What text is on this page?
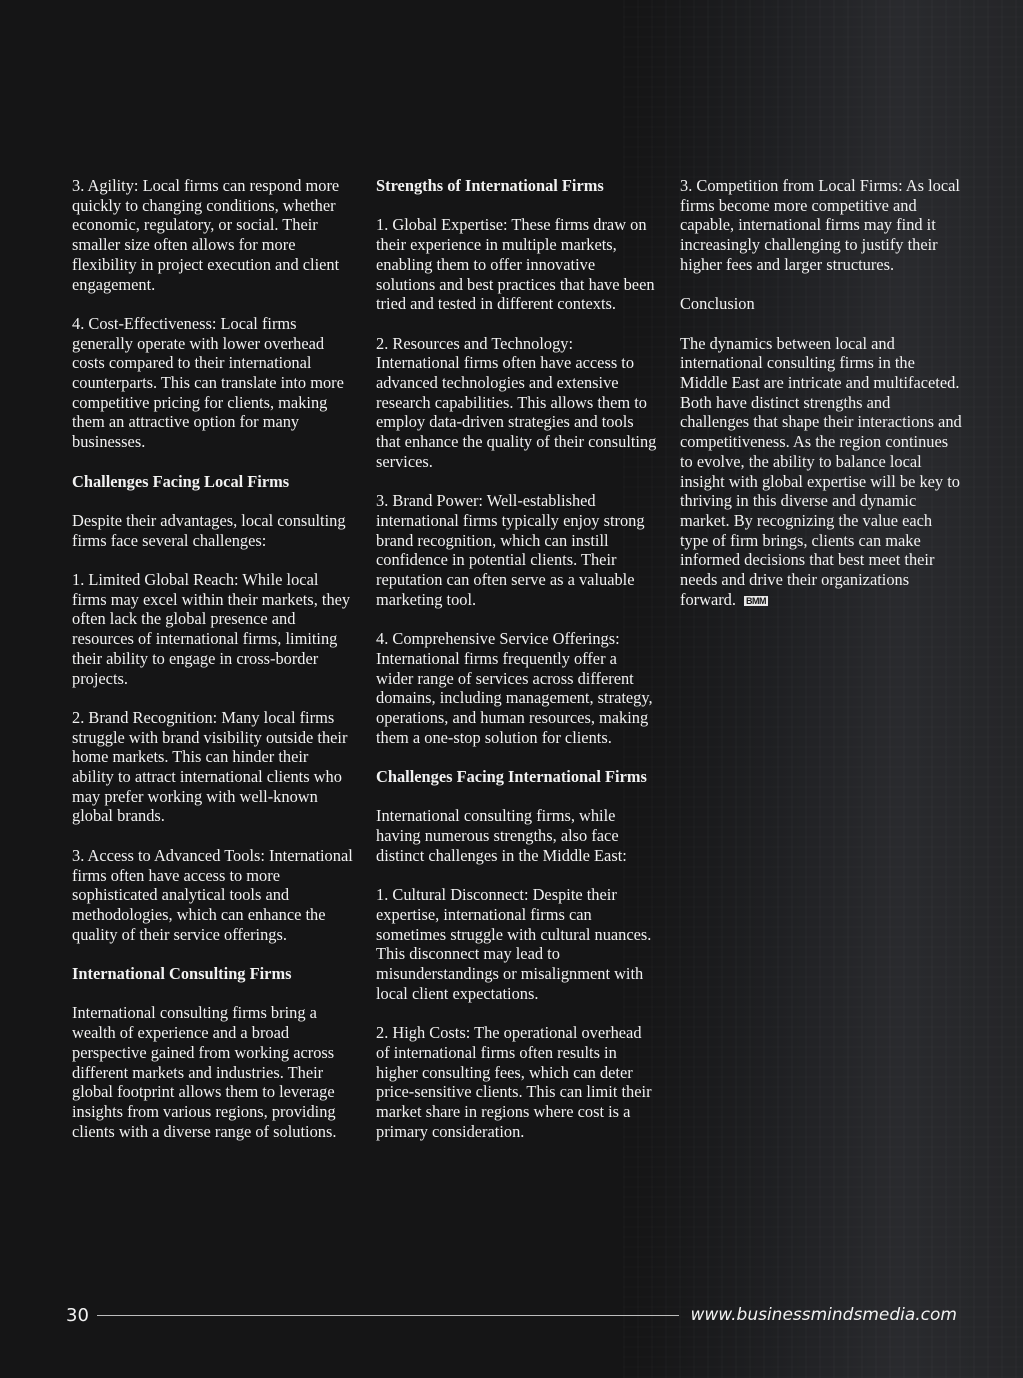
3. Agility: Local firms can respond more quickly to changing conditions, whether economic, regulatory, or social. Their smaller size often allows for more flexibility in project execution and client engagement.

4. Cost-Effectiveness: Local firms generally operate with lower overhead costs compared to their international counterparts. This can translate into more competitive pricing for clients, making them an attractive option for many businesses.

Challenges Facing Local Firms

Despite their advantages, local consulting firms face several challenges:

1. Limited Global Reach: While local firms may excel within their markets, they often lack the global presence and resources of international firms, limiting their ability to engage in cross-border projects.

2. Brand Recognition: Many local firms struggle with brand visibility outside their home markets. This can hinder their ability to attract international clients who may prefer working with well-known global brands.

3. Access to Advanced Tools: International firms often have access to more sophisticated analytical tools and methodologies, which can enhance the quality of their service offerings.

International Consulting Firms

International consulting firms bring a wealth of experience and a broad perspective gained from working across different markets and industries. Their global footprint allows them to leverage insights from various regions, providing clients with a diverse range of solutions.

Strengths of International Firms

1. Global Expertise: These firms draw on their experience in multiple markets, enabling them to offer innovative solutions and best practices that have been tried and tested in different contexts.

2. Resources and Technology: International firms often have access to advanced technologies and extensive research capabilities. This allows them to employ data-driven strategies and tools that enhance the quality of their consulting services.

3. Brand Power: Well-established international firms typically enjoy strong brand recognition, which can instill confidence in potential clients. Their reputation can often serve as a valuable marketing tool.

4. Comprehensive Service Offerings: International firms frequently offer a wider range of services across different domains, including management, strategy, operations, and human resources, making them a one-stop solution for clients.

Challenges Facing International Firms

International consulting firms, while having numerous strengths, also face distinct challenges in the Middle East:

1. Cultural Disconnect: Despite their expertise, international firms can sometimes struggle with cultural nuances. This disconnect may lead to misunderstandings or misalignment with local client expectations.

2. High Costs: The operational overhead of international firms often results in higher consulting fees, which can deter price-sensitive clients. This can limit their market share in regions where cost is a primary consideration.

3. Competition from Local Firms: As local firms become more competitive and capable, international firms may find it increasingly challenging to justify their higher fees and larger structures.

Conclusion

The dynamics between local and international consulting firms in the Middle East are intricate and multifaceted. Both have distinct strengths and challenges that shape their interactions and competitiveness. As the region continues to evolve, the ability to balance local insight with global expertise will be key to thriving in this diverse and dynamic market. By recognizing the value each type of firm brings, clients can make informed decisions that best meet their needs and drive their organizations forward. BMM

30	www.businessmindsmedia.com
